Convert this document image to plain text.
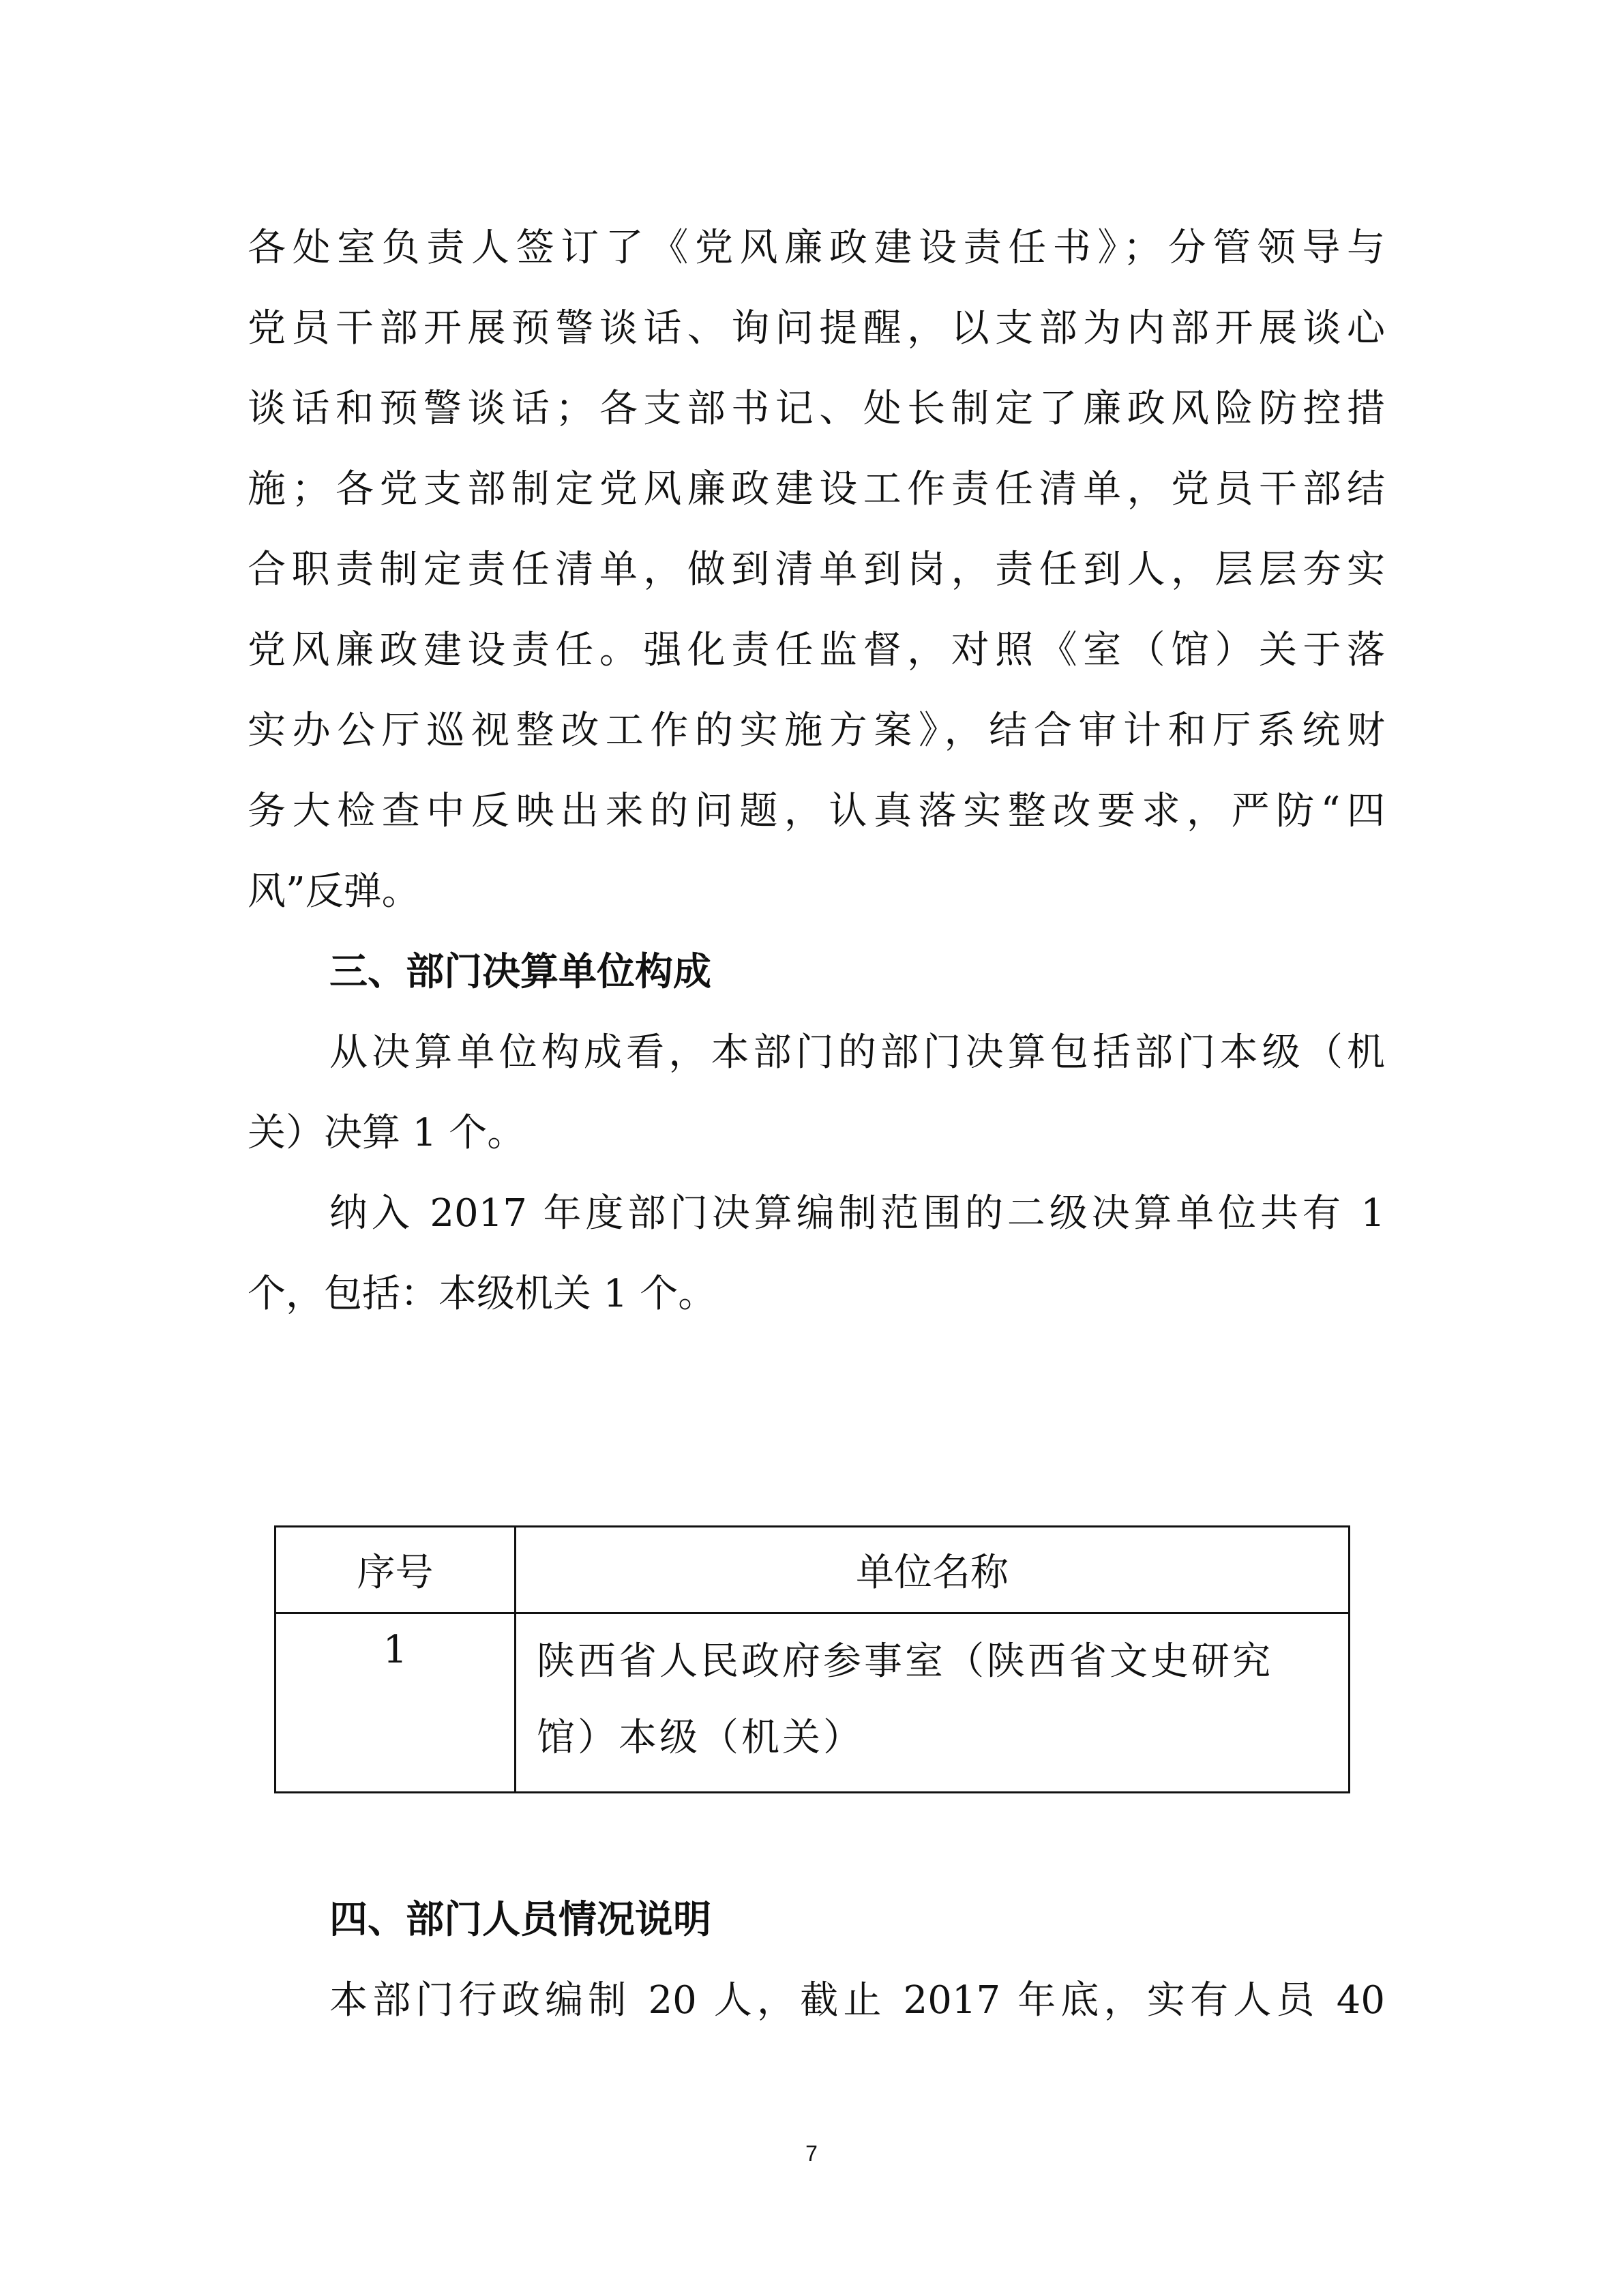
各处室负责人签订了《党风廉政建设责任书》；分管领导与
党员干部开展预警谈话、询问提醒，以支部为内部开展谈心
谈话和预警谈话；各支部书记、处长制定了廉政风险防控措
施；各党支部制定党风廉政建设工作责任清单，党员干部结
合职责制定责任清单，做到清单到岗，责任到人，层层夯实
党风廉政建设责任。强化责任监督，对照《室（馆）关于落
实办公厅巡视整改工作的实施方案》，结合审计和厅系统财
务大检查中反映出来的问题，认真落实整改要求，严防“四
风”反弹。
三、部门决算单位构成
从决算单位构成看，本部门的部门决算包括部门本级（机
关）决算 1 个。
纳入 2017 年度部门决算编制范围的二级决算单位共有 1
个，包括：本级机关 1 个。
序号	单位名称
1	陕西省人民政府参事室（陕西省文史研究馆）本级（机关）
四、部门人员情况说明
本部门行政编制 20 人，截止 2017 年底，实有人员 40
7
